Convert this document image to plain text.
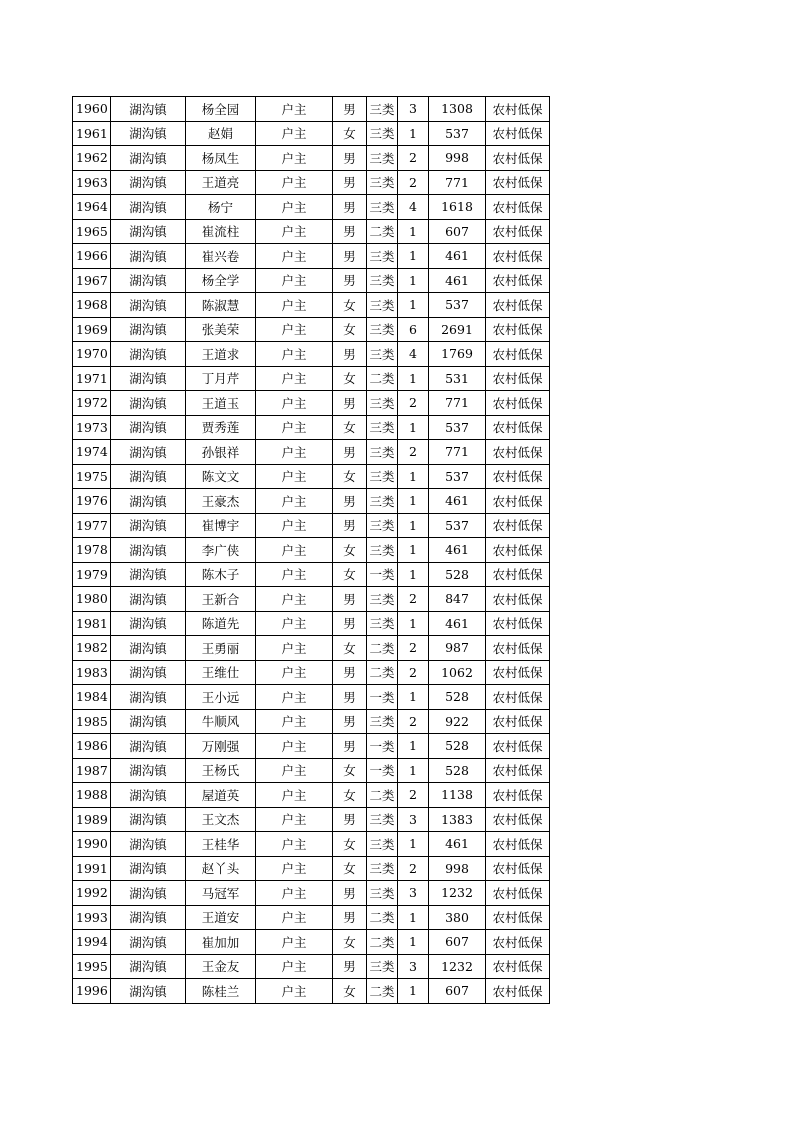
1960	湖沟镇	杨全园	户主	男	三类	3	1308	农村低保
1961	湖沟镇	赵娟	户主	女	三类	1	537	农村低保
1962	湖沟镇	杨凤生	户主	男	三类	2	998	农村低保
1963	湖沟镇	王道亮	户主	男	三类	2	771	农村低保
1964	湖沟镇	杨宁	户主	男	三类	4	1618	农村低保
1965	湖沟镇	崔流柱	户主	男	二类	1	607	农村低保
1966	湖沟镇	崔兴卷	户主	男	三类	1	461	农村低保
1967	湖沟镇	杨全学	户主	男	三类	1	461	农村低保
1968	湖沟镇	陈淑慧	户主	女	三类	1	537	农村低保
1969	湖沟镇	张美荣	户主	女	三类	6	2691	农村低保
1970	湖沟镇	王道求	户主	男	三类	4	1769	农村低保
1971	湖沟镇	丁月芹	户主	女	二类	1	531	农村低保
1972	湖沟镇	王道玉	户主	男	三类	2	771	农村低保
1973	湖沟镇	贾秀莲	户主	女	三类	1	537	农村低保
1974	湖沟镇	孙银祥	户主	男	三类	2	771	农村低保
1975	湖沟镇	陈文文	户主	女	三类	1	537	农村低保
1976	湖沟镇	王豪杰	户主	男	三类	1	461	农村低保
1977	湖沟镇	崔博宇	户主	男	三类	1	537	农村低保
1978	湖沟镇	李广侠	户主	女	三类	1	461	农村低保
1979	湖沟镇	陈木子	户主	女	一类	1	528	农村低保
1980	湖沟镇	王新合	户主	男	三类	2	847	农村低保
1981	湖沟镇	陈道先	户主	男	三类	1	461	农村低保
1982	湖沟镇	王勇丽	户主	女	二类	2	987	农村低保
1983	湖沟镇	王维仕	户主	男	二类	2	1062	农村低保
1984	湖沟镇	王小远	户主	男	一类	1	528	农村低保
1985	湖沟镇	牛顺风	户主	男	三类	2	922	农村低保
1986	湖沟镇	万刚强	户主	男	一类	1	528	农村低保
1987	湖沟镇	王杨氏	户主	女	一类	1	528	农村低保
1988	湖沟镇	屋道英	户主	女	二类	2	1138	农村低保
1989	湖沟镇	王文杰	户主	男	三类	3	1383	农村低保
1990	湖沟镇	王桂华	户主	女	三类	1	461	农村低保
1991	湖沟镇	赵丫头	户主	女	三类	2	998	农村低保
1992	湖沟镇	马冠军	户主	男	三类	3	1232	农村低保
1993	湖沟镇	王道安	户主	男	二类	1	380	农村低保
1994	湖沟镇	崔加加	户主	女	二类	1	607	农村低保
1995	湖沟镇	王金友	户主	男	三类	3	1232	农村低保
1996	湖沟镇	陈桂兰	户主	女	二类	1	607	农村低保
